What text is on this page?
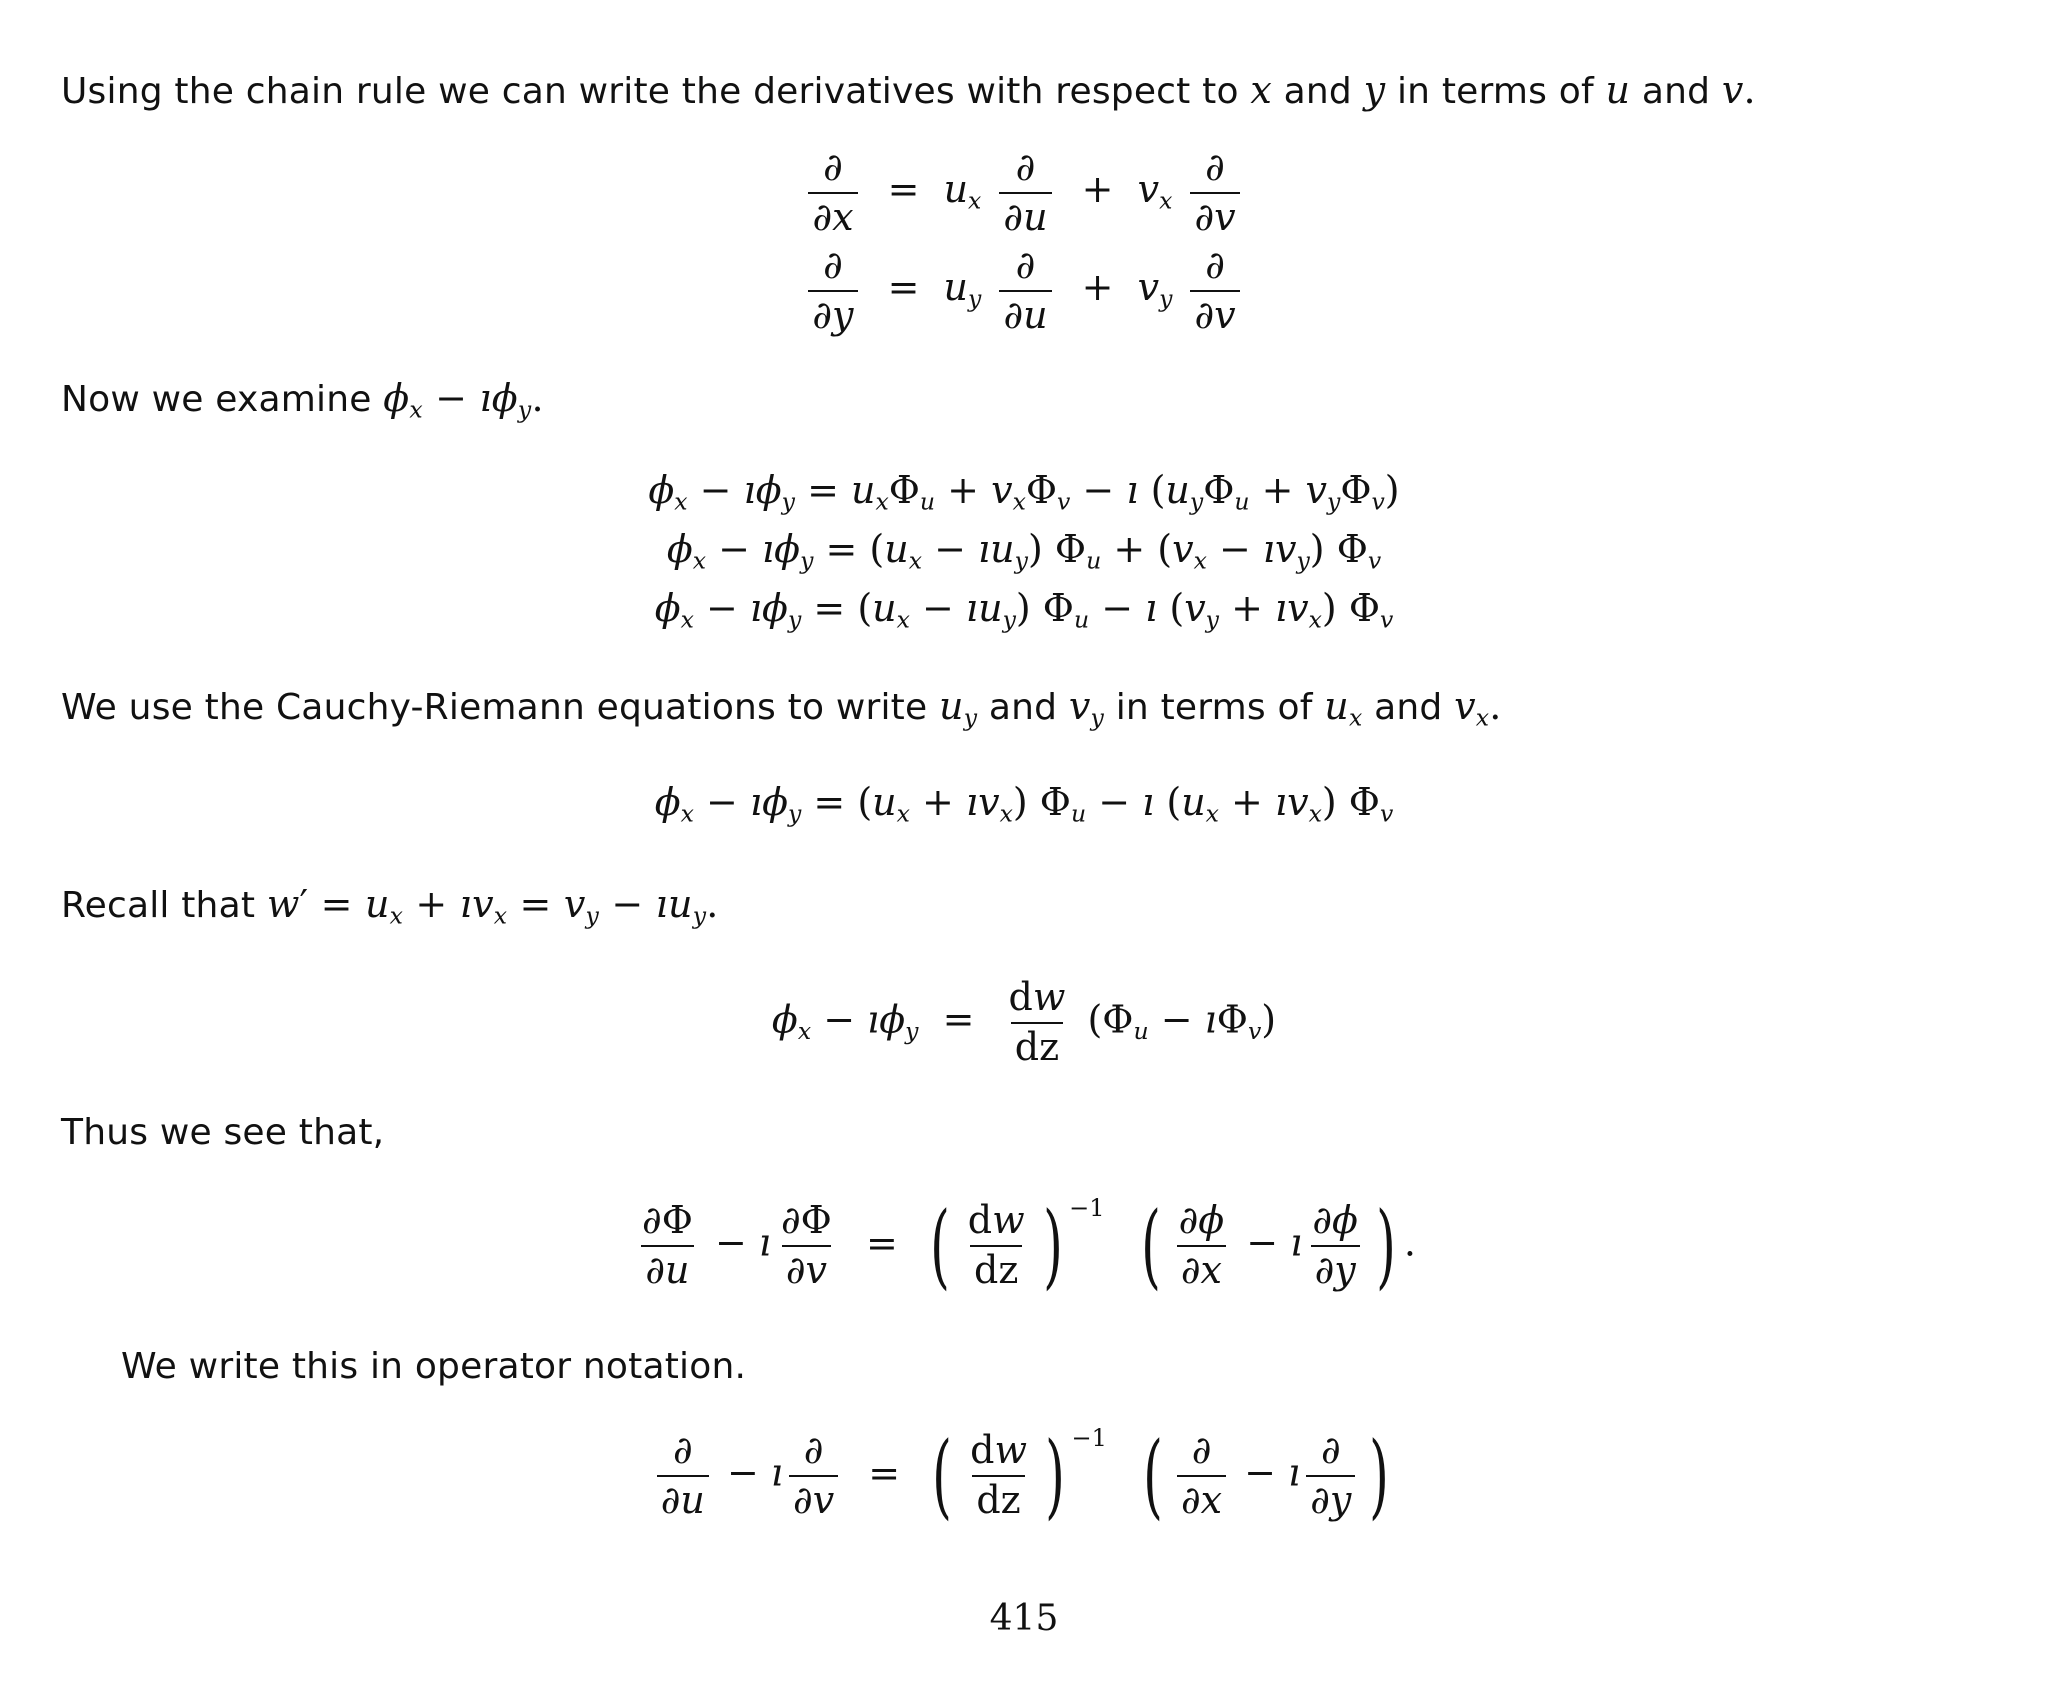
Using the chain rule we can write the derivatives with respect to x and y in terms of u and v.
$\frac{\partial}{\partial x} = u_x \frac{\partial}{\partial u} + v_x \frac{\partial}{\partial v}$
$\frac{\partial}{\partial y} = u_y \frac{\partial}{\partial u} + v_y \frac{\partial}{\partial v}$
Now we examine $\phi_x$ − $ı\phi_y$.
$\phi_x$ − $ı\phi_y = u_x\Phi_u + v_x\Phi_v$ − ı $(u_y\Phi_u + v_y\Phi_v)$
$\phi_x$ − $ı\phi_y = (u_x$ − $ıu_y$) $\Phi_u + (v_x$ − $ıv_y$) $\Phi_v$
$\phi_x$ − $ı\phi_y = (u_x$ − $ıu_y$) $\Phi_u$ − ı ($v_y$ + $ıv_x$) $\Phi_v$
We use the Cauchy-Riemann equations to write $u_y$ and $v_y$ in terms of $u_x$ and $v_x$.
$\phi_x$ − $ı\phi_y = (u_x$ + $ıv_x$) $\Phi_u$ − ı ($u_x$ + $ıv_x$) $\Phi_v$
Recall that $w' = u_x$ + $ıv_x = v_y$ − $ıu_y$.
$\phi_x$ − $ı\phi_y = \frac{dw}{dz} (\Phi_u$ − $ı\Phi_v$)
Thus we see that,
$\frac{\partial\Phi}{\partial u}$ − ı $\frac{\partial\Phi}{\partial v}$ = ( $\frac{dw}{dz}$ ) −1 ( $\frac{\partial\phi}{\partial x}$ − ı $\frac{\partial\phi}{\partial y}$ ) .
We write this in operator notation.
$\frac{\partial}{\partial u}$ − ı $\frac{\partial}{\partial v}$ = ( $\frac{dw}{dz}$ ) −1 ( $\frac{\partial}{\partial x}$ − ı $\frac{\partial}{\partial y}$ )
415
